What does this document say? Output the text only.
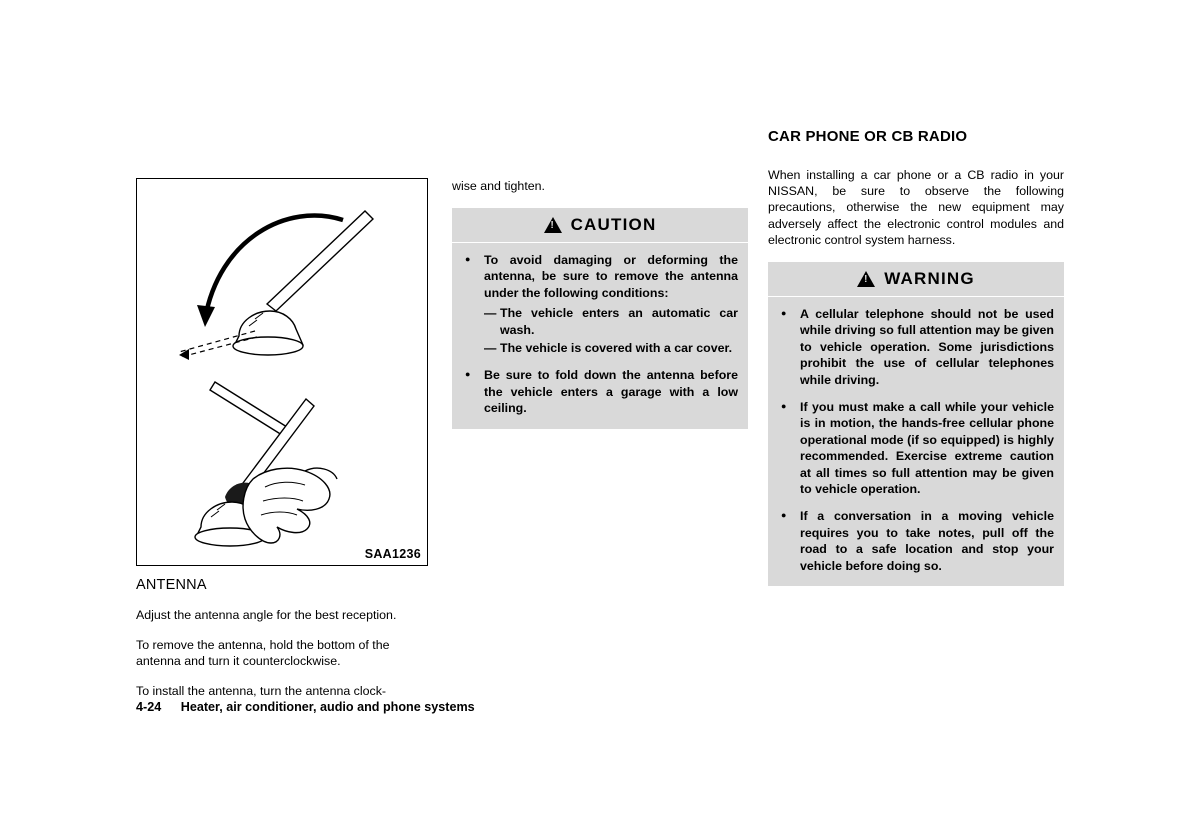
SAA1236
ANTENNA

Adjust the antenna angle for the best reception.

To remove the antenna, hold the bottom of the antenna and turn it counterclockwise.

To install the antenna, turn the antenna clock-

wise and tighten.

!
CAUTION
● To avoid damaging or deforming the antenna, be sure to remove the antenna under the following conditions:
— The vehicle enters an automatic car wash.
— The vehicle is covered with a car cover.
● Be sure to fold down the antenna before the vehicle enters a garage with a low ceiling.
CAR PHONE OR CB RADIO

When installing a car phone or a CB radio in your NISSAN, be sure to observe the following precautions, otherwise the new equipment may adversely affect the electronic control modules and electronic control system harness.

!
WARNING
● A cellular telephone should not be used while driving so full attention may be given to vehicle operation. Some jurisdictions prohibit the use of cellular telephones while driving.
● If you must make a call while your vehicle is in motion, the hands-free cellular phone operational mode (if so equipped) is highly recommended. Exercise extreme caution at all times so full attention may be given to vehicle operation.
● If a conversation in a moving vehicle requires you to take notes, pull off the road to a safe location and stop your vehicle before doing so.
4-24 Heater, air conditioner, audio and phone systems
